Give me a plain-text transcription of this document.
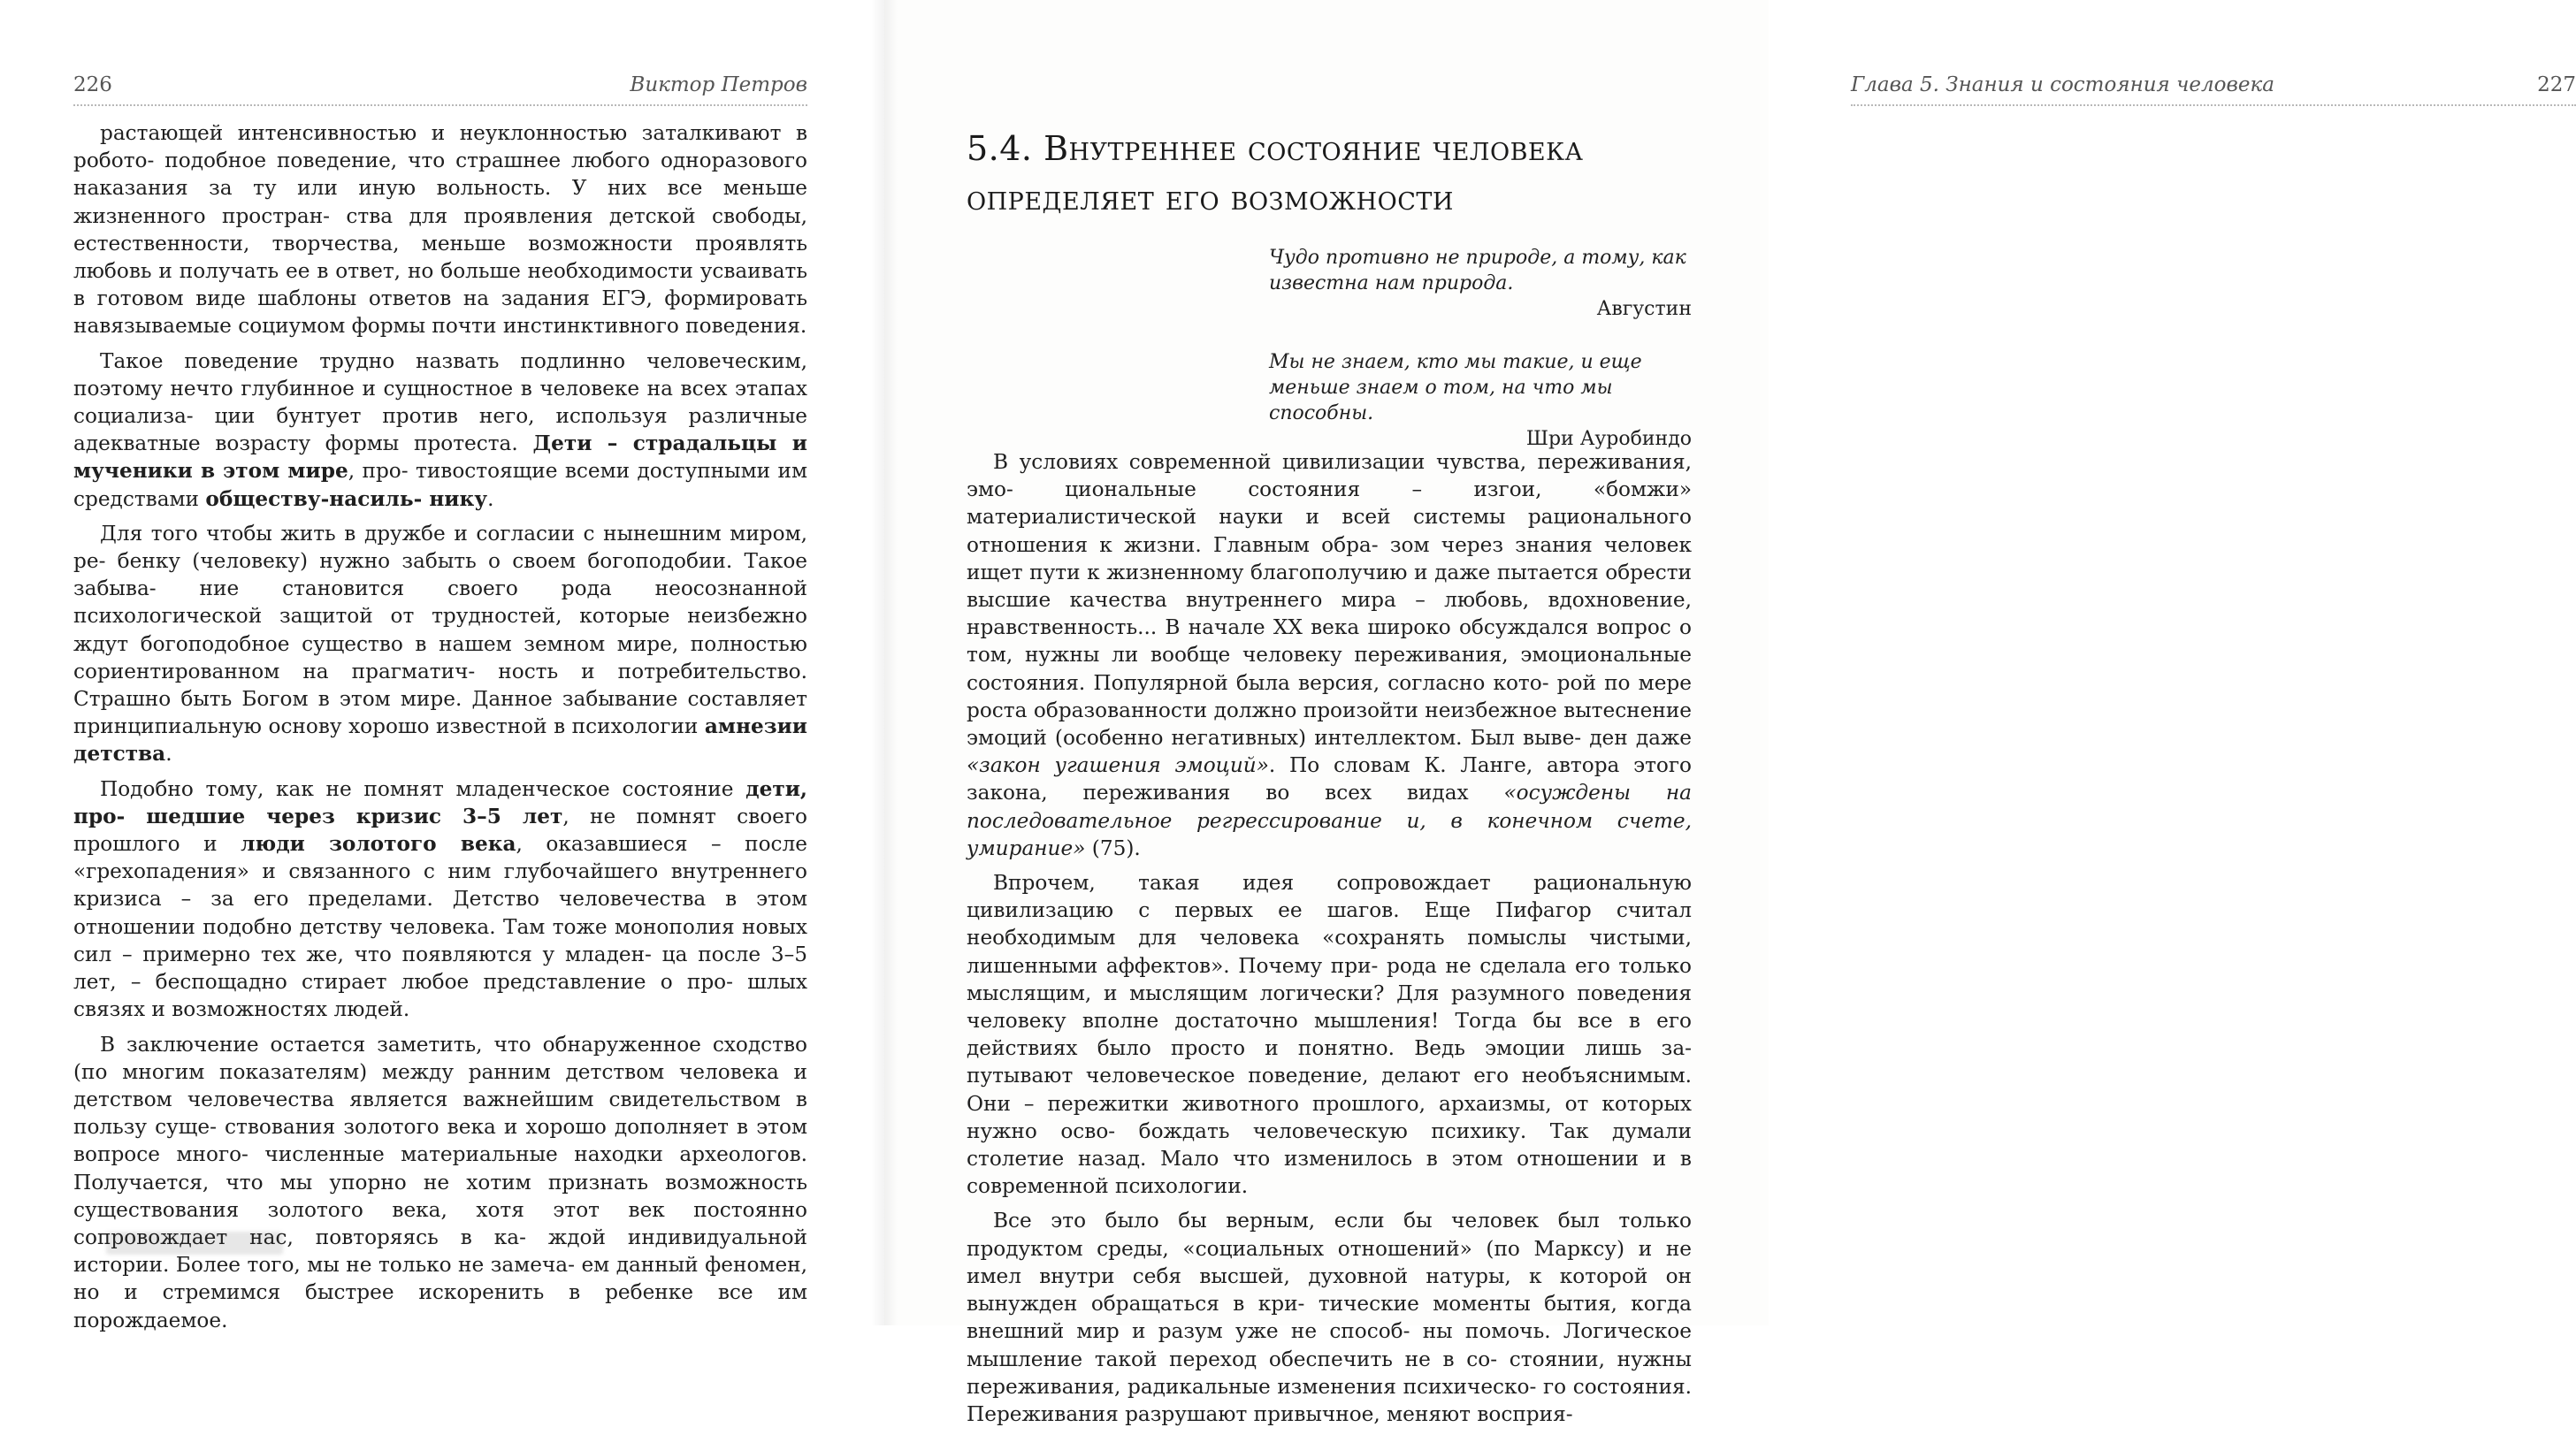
226	Виктор Петров

растающей интенсивностью и неуклонностью заталкивают в робото- подобное поведение, что страшнее любого одноразового наказания за ту или иную вольность. У них все меньше жизненного простран- ства для проявления детской свободы, естественности, творчества, меньше возможности проявлять любовь и получать ее в ответ, но больше необходимости усваивать в готовом виде шаблоны ответов на задания ЕГЭ, формировать навязываемые социумом формы почти инстинктивного поведения.

Такое поведение трудно назвать подлинно человеческим, поэтому нечто глубинное и сущностное в человеке на всех этапах социализа- ции бунтует против него, используя различные адекватные возрасту формы протеста. Дети – страдальцы и мученики в этом мире, про- тивостоящие всеми доступными им средствами обществу-насиль- нику.

Для того чтобы жить в дружбе и согласии с нынешним миром, ре- бенку (человеку) нужно забыть о своем богоподобии. Такое забыва- ние становится своего рода неосознанной психологической защитой от трудностей, которые неизбежно ждут богоподобное существо в нашем земном мире, полностью сориентированном на прагматич- ность и потребительство. Страшно быть Богом в этом мире. Данное забывание составляет принципиальную основу хорошо известной в психологии амнезии детства.

Подобно тому, как не помнят младенческое состояние дети, про- шедшие через кризис 3–5 лет, не помнят своего прошлого и люди золотого века, оказавшиеся – после «грехопадения» и связанного с ним глубочайшего внутреннего кризиса – за его пределами. Детство человечества в этом отношении подобно детству человека. Там тоже монополия новых сил – примерно тех же, что появляются у младен- ца после 3–5 лет, – беспощадно стирает любое представление о про- шлых связях и возможностях людей.

В заключение остается заметить, что обнаруженное сходство (по многим показателям) между ранним детством человека и детством человечества является важнейшим свидетельством в пользу суще- ствования золотого века и хорошо дополняет в этом вопросе много- численные материальные находки археологов. Получается, что мы упорно не хотим признать возможность существования золотого века, хотя этот век постоянно сопровождает нас, повторяясь в ка- ждой индивидуальной истории. Более того, мы не только не замеча- ем данный феномен, но и стремимся быстрее искоренить в ребенке все им порождаемое.

Глава 5. Знания и состояния человека	227
5.4. Внутреннее состояние человека определяет его возможности
Чудо противно не природе, а тому, как известна нам природа.
Августин
Мы не знаем, кто мы такие, и еще меньше знаем о том, на что мы способны.
Шри Ауробиндо

В условиях современной цивилизации чувства, переживания, эмо- циональные состояния – изгои, «бомжи» материалистической науки и всей системы рационального отношения к жизни. Главным обра- зом через знания человек ищет пути к жизненному благополучию и даже пытается обрести высшие качества внутреннего мира – любовь, вдохновение, нравственность... В начале XX века широко обсуждался вопрос о том, нужны ли вообще человеку переживания, эмоциональные состояния. Популярной была версия, согласно кото- рой по мере роста образованности должно произойти неизбежное вытеснение эмоций (особенно негативных) интеллектом. Был выве- ден даже «закон угашения эмоций». По словам К. Ланге, автора этого закона, переживания во всех видах «осуждены на последовательное регрессирование и, в конечном счете, умирание» (75).

Впрочем, такая идея сопровождает рациональную цивилизацию с первых ее шагов. Еще Пифагор считал необходимым для человека «сохранять помыслы чистыми, лишенными аффектов». Почему при- рода не сделала его только мыслящим, и мыслящим логически? Для разумного поведения человеку вполне достаточно мышления! Тогда бы все в его действиях было просто и понятно. Ведь эмоции лишь за- путывают человеческое поведение, делают его необъяснимым. Они – пережитки животного прошлого, архаизмы, от которых нужно осво- бождать человеческую психику. Так думали столетие назад. Мало что изменилось в этом отношении и в современной психологии.

Все это было бы верным, если бы человек был только продуктом среды, «социальных отношений» (по Марксу) и не имел внутри себя высшей, духовной натуры, к которой он вынужден обращаться в кри- тические моменты бытия, когда внешний мир и разум уже не способ- ны помочь. Логическое мышление такой переход обеспечить не в со- стоянии, нужны переживания, радикальные изменения психическо- го состояния. Переживания разрушают привычное, меняют восприя-
